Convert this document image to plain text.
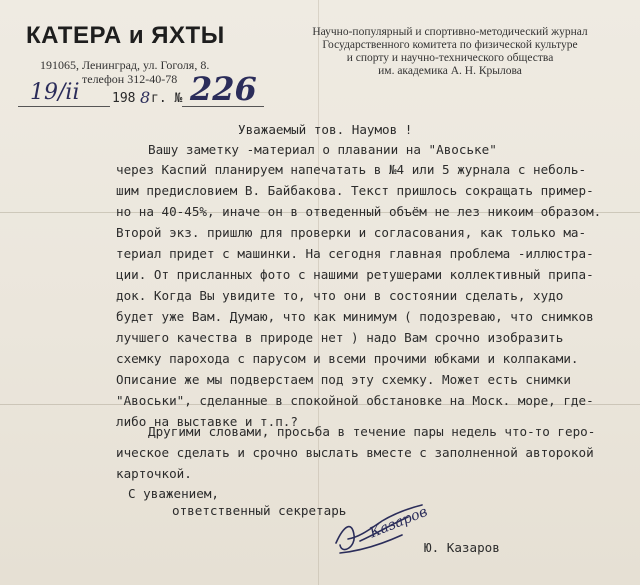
КАТЕРА и ЯХТЫ
191065, Ленинград, ул. Гоголя, 8.
телефон 312-40-78
Научно-популярный и спортивно-методический журнал
Государственного комитета по физической культуре
и спорту и научно-технического общества
им. академика А. Н. Крылова
19/ii	198 8 г. № 226
Уважаемый тов. Наумов !
Вашу заметку -материал о плавании на "Авоське"
через Каспий планируем напечатать в №4 или 5 журнала с неболь-
шим предисловием В. Байбакова. Текст пришлось сокращать пример-
но на 40-45%, иначе он в отведенный объём не лез никоим образом.
Второй экз. пришлю для проверки и согласования, как только ма-
териал придет с машинки. На сегодня главная проблема -иллюстра-
ции. От присланных фото с нашими ретушерами коллективный припа-
док. Когда Вы увидите то, что они в состоянии сделать, худо
будет уже Вам. Думаю, что как минимум ( подозреваю, что снимков
лучшего качества в природе нет ) надо Вам срочно изобразить
схемку парохода с парусом и всеми прочими юбками и колпаками.
Описание же мы подверстаем под эту схемку. Может есть снимки
"Авоськи", сделанные в спокойной обстановке на Моск. море, где-
либо на выставке и т.п.?
Другими словами, просьба в течение пары недель что-то геро-
ическое сделать и срочно выслать вместе с заполненной авторокой
карточкой.
С уважением,
ответственный секретарь Казаров
Ю. Казаров
